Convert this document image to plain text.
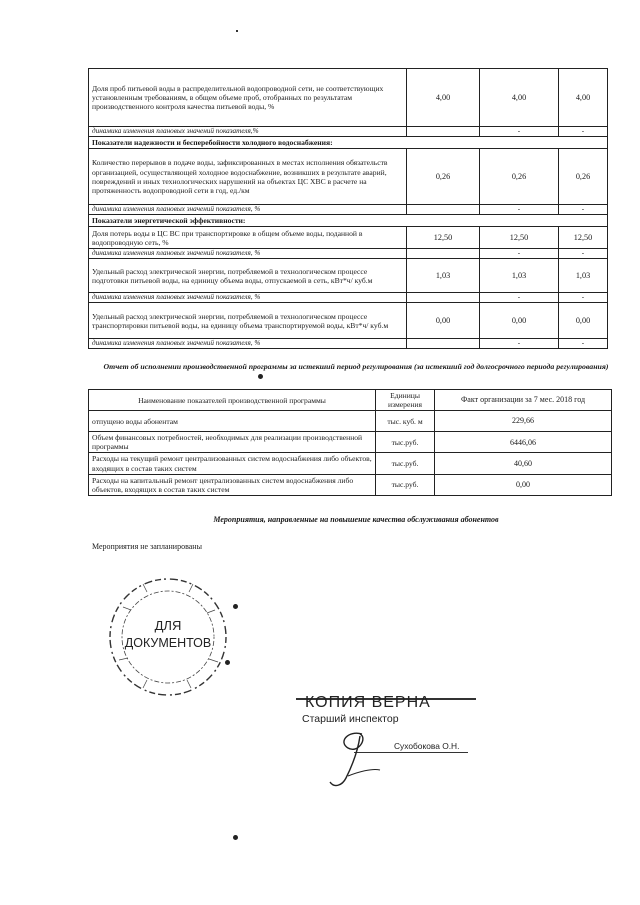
Доля проб питьевой воды в распределительной водопроводной сети, не соответствующих установленным требованиям, в общем объеме проб, отобранных по результатам производственного контроля качества питьевой воды, %	4,00	4,00	4,00
динамика изменения плановых значений показателя,%		-	-
Показатели надежности и бесперебойности холодного водоснабжения:			
Количество перерывов в подаче воды, зафиксированных в местах исполнения обязательств организацией, осуществляющей холодное водоснабжение, возникших в результате аварий, повреждений и иных технологических нарушений на объектах ЦС ХВС в расчете на протяженность водопроводной сети в год, ед./км	0,26	0,26	0,26
динамика изменения плановых значений показателя, %		-	-
Показатели энергетической эффективности:			
Доля потерь воды в ЦС ВС при транспортировке в общем объеме воды, поданной в водопроводную сеть, %	12,50	12,50	12,50
динамика изменения плановых значений показателя, %		-	-
Удельный расход электрической энергии, потребляемой в технологическом процессе подготовки питьевой воды, на единицу объема воды, отпускаемой в сеть, кВт*ч/ куб.м	1,03	1,03	1,03
динамика изменения плановых значений показателя, %		-	-
Удельный расход электрической энергии, потребляемой в технологическом процессе транспортировки питьевой воды, на единицу объема транспортируемой воды, кВт*ч/ куб.м	0,00	0,00	0,00
динамика изменения плановых значений показателя, %		-	-
Отчет об исполнении производственной программы за истекший период регулирования (за истекший год долгосрочного периода регулирования)
Наименование показателей производственной программы	Единицы измерения	Факт организации за 7 мес. 2018 год
отпущено воды абонентам	тыс. куб. м	229,66
Объем финансовых потребностей, необходимых для реализации производственной программы	тыс.руб.	6446,06
Расходы на текущий ремонт централизованных систем водоснабжения либо объектов, входящих в состав таких систем	тыс.руб.	40,60
Расходы на капитальный ремонт централизованных систем водоснабжения либо объектов, входящих в состав таких систем	тыс.руб.	0,00
Мероприятия, направленные на повышение качества обслуживания абонентов
Мероприятия не запланированы
ДЛЯ
ДОКУМЕНТОВ
КОПИЯ ВЕРНА
Старший инспектор
Сухобокова О.Н.
